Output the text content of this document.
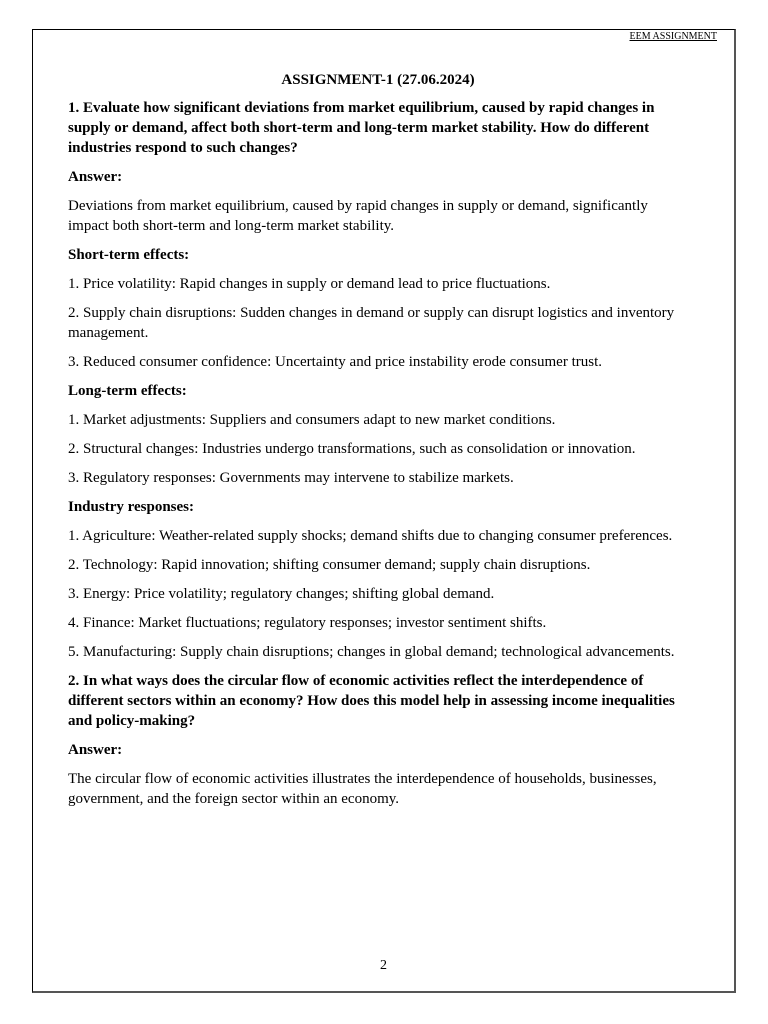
EEM ASSIGNMENT
2

ASSIGNMENT-1 (27.06.2024)

1. Evaluate how significant deviations from market equilibrium, caused by rapid changes in supply or demand, affect both short-term and long-term market stability. How do different industries respond to such changes?

Answer:

Deviations from market equilibrium, caused by rapid changes in supply or demand, significantly impact both short-term and long-term market stability.

Short-term effects:

1. Price volatility: Rapid changes in supply or demand lead to price fluctuations.

2. Supply chain disruptions: Sudden changes in demand or supply can disrupt logistics and inventory management.

3. Reduced consumer confidence: Uncertainty and price instability erode consumer trust.

Long-term effects:

1. Market adjustments: Suppliers and consumers adapt to new market conditions.

2. Structural changes: Industries undergo transformations, such as consolidation or innovation.

3. Regulatory responses: Governments may intervene to stabilize markets.

Industry responses:

1. Agriculture: Weather-related supply shocks; demand shifts due to changing consumer preferences.

2. Technology: Rapid innovation; shifting consumer demand; supply chain disruptions.

3. Energy: Price volatility; regulatory changes; shifting global demand.

4. Finance: Market fluctuations; regulatory responses; investor sentiment shifts.

5. Manufacturing: Supply chain disruptions; changes in global demand; technological advancements.

2. In what ways does the circular flow of economic activities reflect the interdependence of different sectors within an economy? How does this model help in assessing income inequalities and policy-making?

Answer:

The circular flow of economic activities illustrates the interdependence of households, businesses, government, and the foreign sector within an economy.
